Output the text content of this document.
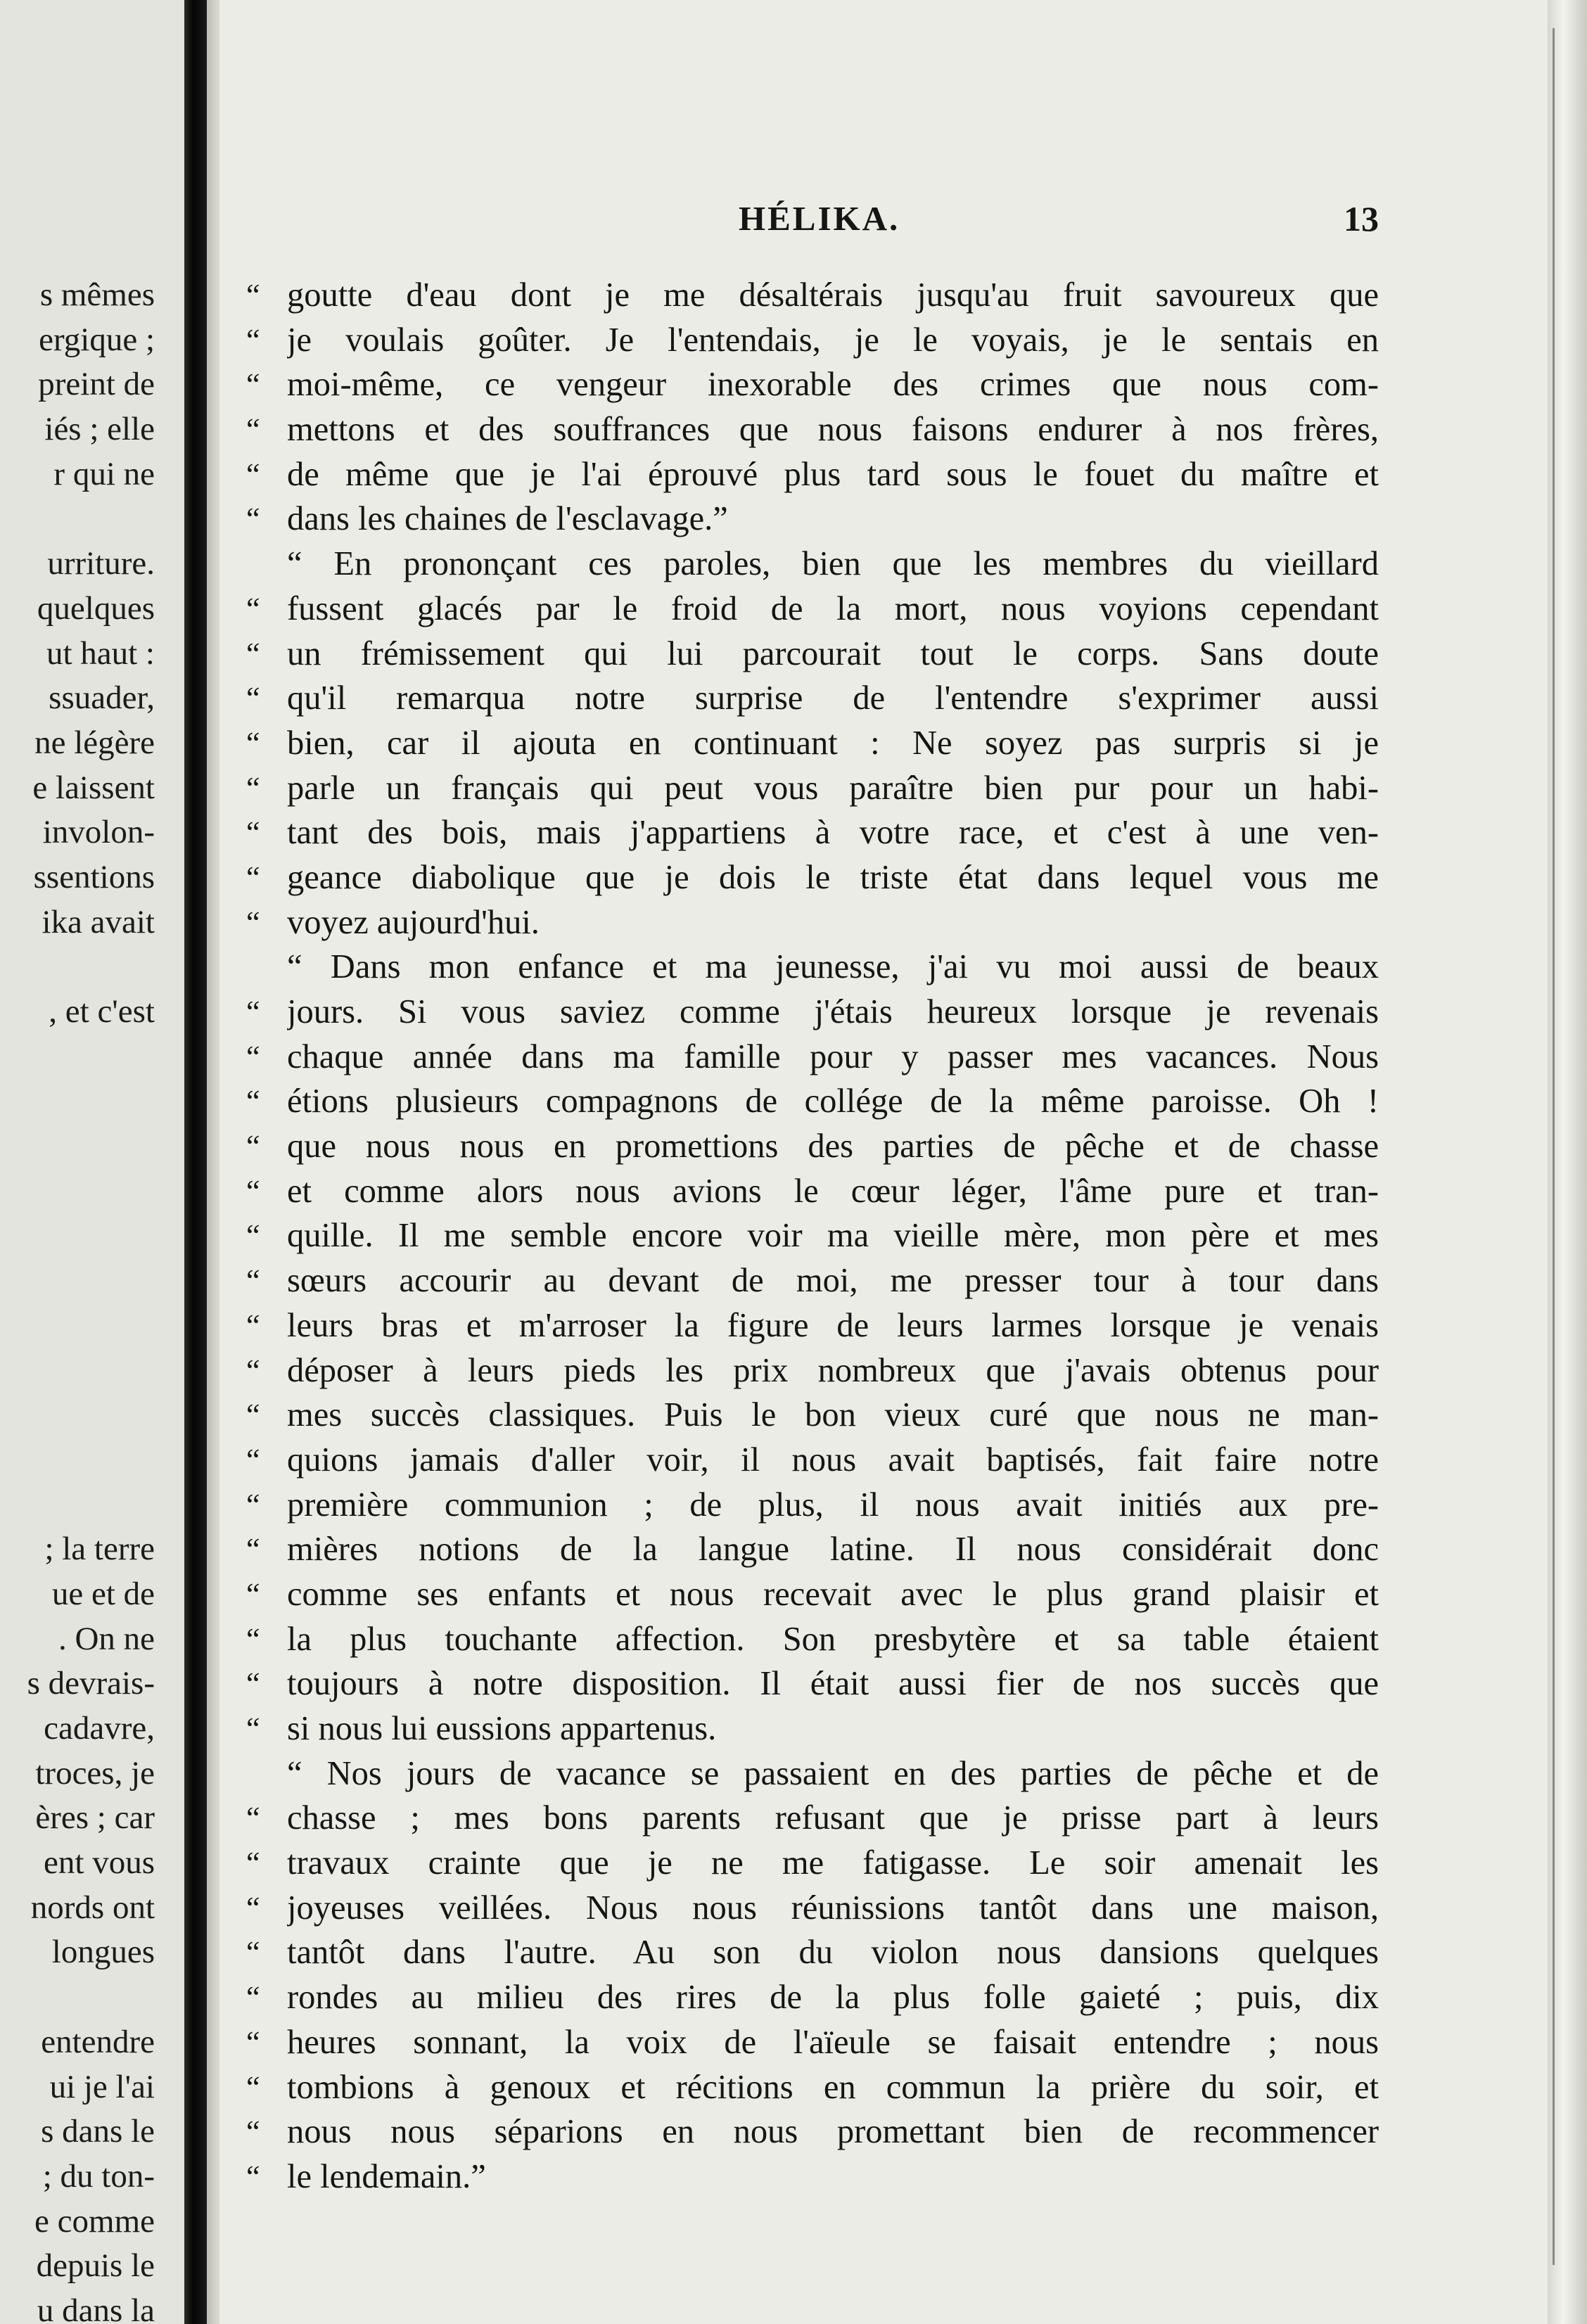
s mêmes
ergique ;
preint de
iés ; elle
r qui ne
urriture.
quelques
ut haut :
ssuader,
ne légère
e laissent
involon-
ssentions
ika avait
, et c'est
; la terre
ue et de
. On ne
s devrais-
cadavre,
troces, je
ères ; car
ent vous
nords ont
longues
entendre
ui je l'ai
s dans le
; du ton-
e comme
depuis le
u dans la
HÉLIKA.	13
“ goutte d'eau dont je me désaltérais jusqu'au fruit savoureux que
“ je voulais goûter. Je l'entendais, je le voyais, je le sentais en
“ moi-même, ce vengeur inexorable des crimes que nous com-
“ mettons et des souffrances que nous faisons endurer à nos frères,
“ de même que je l'ai éprouvé plus tard sous le fouet du maître et
“ dans les chaines de l'esclavage.”
“ En prononçant ces paroles, bien que les membres du vieillard
“ fussent glacés par le froid de la mort, nous voyions cependant
“ un frémissement qui lui parcourait tout le corps. Sans doute
“ qu'il remarqua notre surprise de l'entendre s'exprimer aussi
“ bien, car il ajouta en continuant : Ne soyez pas surpris si je
“ parle un français qui peut vous paraître bien pur pour un habi-
“ tant des bois, mais j'appartiens à votre race, et c'est à une ven-
“ geance diabolique que je dois le triste état dans lequel vous me
“ voyez aujourd'hui.
“ Dans mon enfance et ma jeunesse, j'ai vu moi aussi de beaux
“ jours. Si vous saviez comme j'étais heureux lorsque je revenais
“ chaque année dans ma famille pour y passer mes vacances. Nous
“ étions plusieurs compagnons de collége de la même paroisse. Oh !
“ que nous nous en promettions des parties de pêche et de chasse
“ et comme alors nous avions le cœur léger, l'âme pure et tran-
“ quille. Il me semble encore voir ma vieille mère, mon père et mes
“ sœurs accourir au devant de moi, me presser tour à tour dans
“ leurs bras et m'arroser la figure de leurs larmes lorsque je venais
“ déposer à leurs pieds les prix nombreux que j'avais obtenus pour
“ mes succès classiques. Puis le bon vieux curé que nous ne man-
“ quions jamais d'aller voir, il nous avait baptisés, fait faire notre
“ première communion ; de plus, il nous avait initiés aux pre-
“ mières notions de la langue latine. Il nous considérait donc
“ comme ses enfants et nous recevait avec le plus grand plaisir et
“ la plus touchante affection. Son presbytère et sa table étaient
“ toujours à notre disposition. Il était aussi fier de nos succès que
“ si nous lui eussions appartenus.
“ Nos jours de vacance se passaient en des parties de pêche et de
“ chasse ; mes bons parents refusant que je prisse part à leurs
“ travaux crainte que je ne me fatigasse. Le soir amenait les
“ joyeuses veillées. Nous nous réunissions tantôt dans une maison,
“ tantôt dans l'autre. Au son du violon nous dansions quelques
“ rondes au milieu des rires de la plus folle gaieté ; puis, dix
“ heures sonnant, la voix de l'aïeule se faisait entendre ; nous
“ tombions à genoux et récitions en commun la prière du soir, et
“ nous nous séparions en nous promettant bien de recommencer
“ le lendemain.”
